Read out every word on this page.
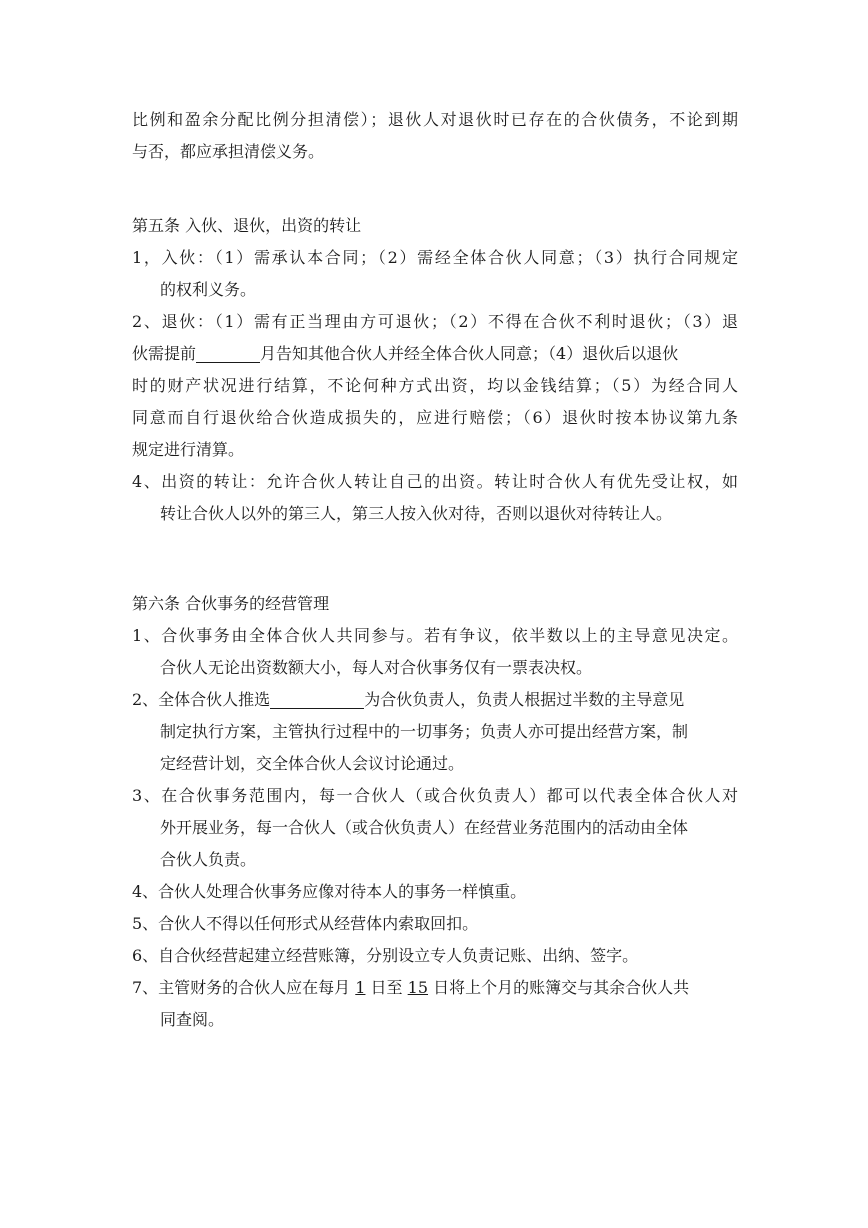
比例和盈余分配比例分担清偿）；退伙人对退伙时已存在的合伙债务，不论到期
与否，都应承担清偿义务。
第五条 入伙、退伙，出资的转让
1，入伙：（1）需承认本合同；（2）需经全体合伙人同意；（3）执行合同规定
的权利义务。
2、退伙：（1）需有正当理由方可退伙；（2）不得在合伙不利时退伙；（3）退
伙需提前	月告知其他合伙人并经全体合伙人同意；（4）退伙后以退伙
时的财产状况进行结算，不论何种方式出资，均以金钱结算；（5）为经合同人
同意而自行退伙给合伙造成损失的，应进行赔偿；（6）退伙时按本协议第九条
规定进行清算。
4、出资的转让：允许合伙人转让自己的出资。转让时合伙人有优先受让权，如
转让合伙人以外的第三人，第三人按入伙对待，否则以退伙对待转让人。
第六条 合伙事务的经营管理
1、合伙事务由全体合伙人共同参与。若有争议，依半数以上的主导意见决定。
合伙人无论出资数额大小，每人对合伙事务仅有一票表决权。
2、全体合伙人推选	为合伙负责人，负责人根据过半数的主导意见
制定执行方案，主管执行过程中的一切事务；负责人亦可提出经营方案，制
定经营计划，交全体合伙人会议讨论通过。
3、在合伙事务范围内，每一合伙人（或合伙负责人）都可以代表全体合伙人对
外开展业务，每一合伙人（或合伙负责人）在经营业务范围内的活动由全体
合伙人负责。
4、合伙人处理合伙事务应像对待本人的事务一样慎重。
5、合伙人不得以任何形式从经营体内索取回扣。
6、自合伙经营起建立经营账簿，分别设立专人负责记账、出纳、签字。
7、主管财务的合伙人应在每月 1 日至 15 日将上个月的账簿交与其余合伙人共
同查阅。
